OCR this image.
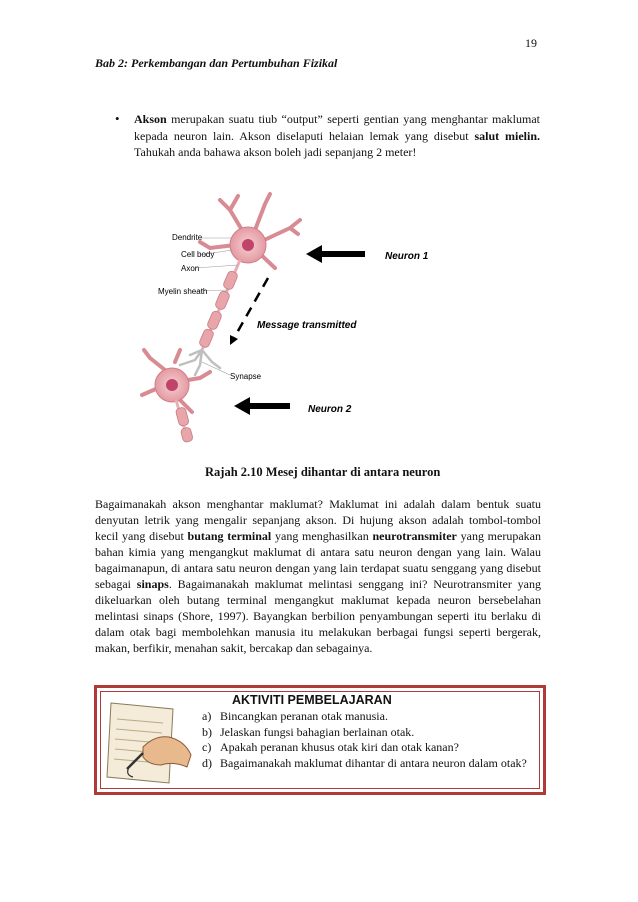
19
Bab 2: Perkembangan dan Pertumbuhan Fizikal
• Akson merupakan suatu tiub “output” seperti gentian yang menghantar maklumat kepada neuron lain. Akson diselaputi helaian lemak yang disebut salut mielin. Tahukah anda bahawa akson boleh jadi sepanjang 2 meter!
Dendrite
Cell body
Axon
Myelin sheath
Synapse
Neuron 1
Neuron 2
Message transmitted
Rajah 2.10 Mesej dihantar di antara neuron
Bagaimanakah akson menghantar maklumat? Maklumat ini adalah dalam bentuk suatu denyutan letrik yang mengalir sepanjang akson. Di hujung akson adalah tombol-tombol kecil yang disebut butang terminal yang menghasilkan neurotransmiter yang merupakan bahan kimia yang mengangkut maklumat di antara satu neuron dengan yang lain. Walau bagaimanapun, di antara satu neuron dengan yang lain terdapat suatu senggang yang disebut sebagai sinaps. Bagaimanakah maklumat melintasi senggang ini? Neurotransmiter yang dikeluarkan oleh butang terminal mengangkut maklumat kepada neuron bersebelahan melintasi sinaps (Shore, 1997). Bayangkan berbilion penyambungan seperti itu berlaku di dalam otak bagi membolehkan manusia itu melakukan berbagai fungsi seperti bergerak, makan, berfikir, menahan sakit, bercakap dan sebagainya.
AKTIVITI PEMBELAJARAN
a) Bincangkan peranan otak manusia.
b) Jelaskan fungsi bahagian berlainan otak.
c) Apakah peranan khusus otak kiri dan otak kanan?
d) Bagaimanakah maklumat dihantar di antara neuron dalam otak?
